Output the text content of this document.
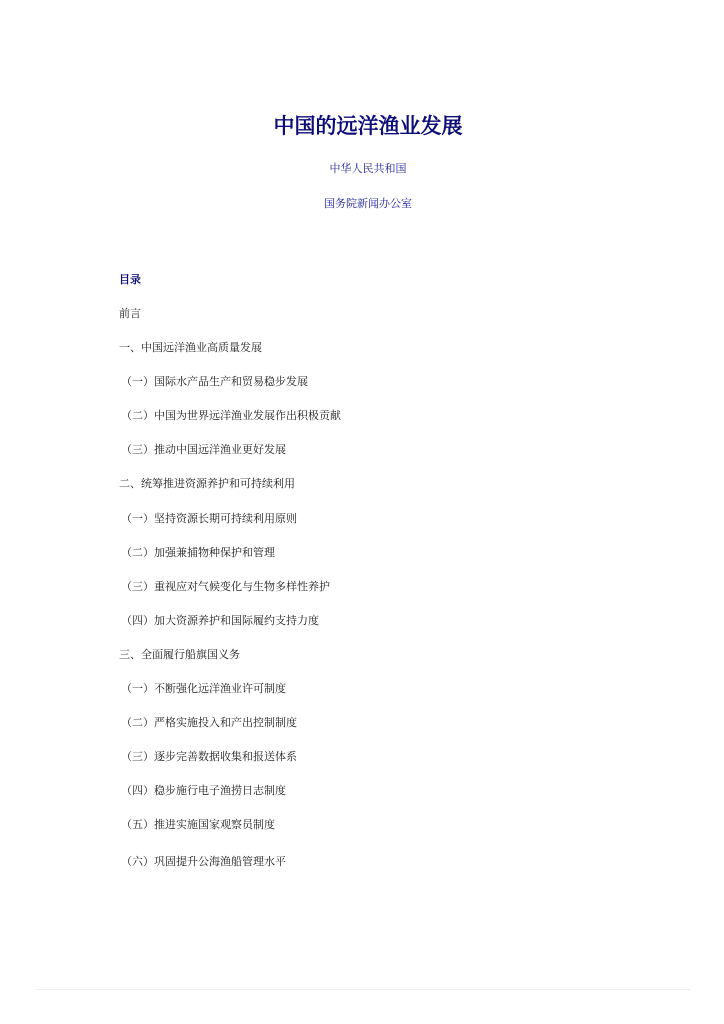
中国的远洋渔业发展

中华人民共和国

国务院新闻办公室

目录
前言
一、中国远洋渔业高质量发展
（一）国际水产品生产和贸易稳步发展
（二）中国为世界远洋渔业发展作出积极贡献
（三）推动中国远洋渔业更好发展
二、统筹推进资源养护和可持续利用
（一）坚持资源长期可持续利用原则
（二）加强兼捕物种保护和管理
（三）重视应对气候变化与生物多样性养护
（四）加大资源养护和国际履约支持力度
三、全面履行船旗国义务
（一）不断强化远洋渔业许可制度
（二）严格实施投入和产出控制制度
（三）逐步完善数据收集和报送体系
（四）稳步施行电子渔捞日志制度
（五）推进实施国家观察员制度
（六）巩固提升公海渔船管理水平
